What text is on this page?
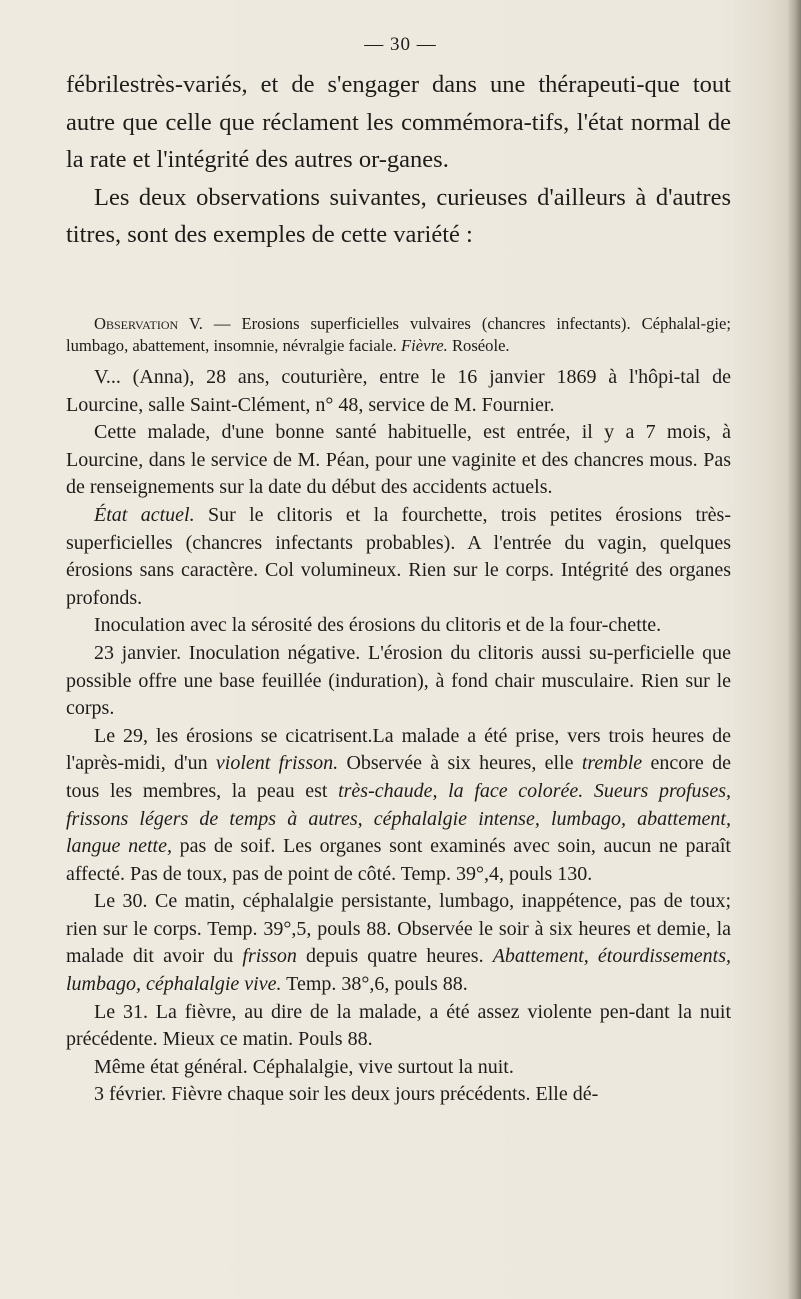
— 30 —

fébrilestrès-variés, et de s'engager dans une thérapeuti-que tout autre que celle que réclament les commémora-tifs, l'état normal de la rate et l'intégrité des autres or-ganes.

Les deux observations suivantes, curieuses d'ailleurs à d'autres titres, sont des exemples de cette variété :

Observation V. — Erosions superficielles vulvaires (chancres infectants). Céphalal-gie; lumbago, abattement, insomnie, névralgie faciale. Fièvre. Roséole.

V... (Anna), 28 ans, couturière, entre le 16 janvier 1869 à l'hôpi-tal de Lourcine, salle Saint-Clément, n° 48, service de M. Fournier.

Cette malade, d'une bonne santé habituelle, est entrée, il y a 7 mois, à Lourcine, dans le service de M. Péan, pour une vaginite et des chancres mous. Pas de renseignements sur la date du début des accidents actuels.

État actuel. Sur le clitoris et la fourchette, trois petites érosions très-superficielles (chancres infectants probables). A l'entrée du vagin, quelques érosions sans caractère. Col volumineux. Rien sur le corps. Intégrité des organes profonds.

Inoculation avec la sérosité des érosions du clitoris et de la four-chette.

23 janvier. Inoculation négative. L'érosion du clitoris aussi su-perficielle que possible offre une base feuillée (induration), à fond chair musculaire. Rien sur le corps.

Le 29, les érosions se cicatrisent.La malade a été prise, vers trois heures de l'après-midi, d'un violent frisson. Observée à six heures, elle tremble encore de tous les membres, la peau est très-chaude, la face colorée. Sueurs profuses, frissons légers de temps à autres, céphalalgie intense, lumbago, abattement, langue nette, pas de soif. Les organes sont examinés avec soin, aucun ne paraît affecté. Pas de toux, pas de point de côté. Temp. 39°,4, pouls 130.

Le 30. Ce matin, céphalalgie persistante, lumbago, inappétence, pas de toux; rien sur le corps. Temp. 39°,5, pouls 88. Observée le soir à six heures et demie, la malade dit avoir du frisson depuis quatre heures. Abattement, étourdissements, lumbago, céphalalgie vive. Temp. 38°,6, pouls 88.

Le 31. La fièvre, au dire de la malade, a été assez violente pen-dant la nuit précédente. Mieux ce matin. Pouls 88.

Même état général. Céphalalgie, vive surtout la nuit.

3 février. Fièvre chaque soir les deux jours précédents. Elle dé-
